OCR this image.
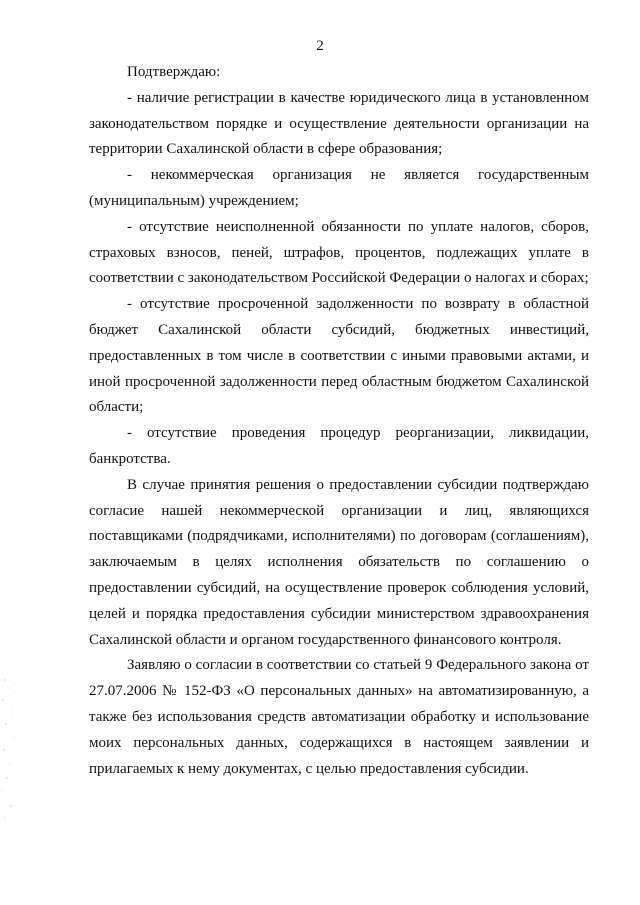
2

Подтверждаю:

- наличие регистрации в качестве юридического лица в установленном законодательством порядке и осуществление деятельности организации на территории Сахалинской области в сфере образования;

- некоммерческая организация не является государственным (муниципальным) учреждением;

- отсутствие неисполненной обязанности по уплате налогов, сборов, страховых взносов, пеней, штрафов, процентов, подлежащих уплате в соответствии с законодательством Российской Федерации о налогах и сборах;

- отсутствие просроченной задолженности по возврату в областной бюджет Сахалинской области субсидий, бюджетных инвестиций, предоставленных в том числе в соответствии с иными правовыми актами, и иной просроченной задолженности перед областным бюджетом Сахалинской области;

- отсутствие проведения процедур реорганизации, ликвидации, банкротства.

В случае принятия решения о предоставлении субсидии подтверждаю согласие нашей некоммерческой организации и лиц, являющихся поставщиками (подрядчиками, исполнителями) по договорам (соглашениям), заключаемым в целях исполнения обязательств по соглашению о предоставлении субсидий, на осуществление проверок соблюдения условий, целей и порядка предоставления субсидии министерством здравоохранения Сахалинской области и органом государственного финансового контроля.

Заявляю о согласии в соответствии со статьей 9 Федерального закона от 27.07.2006 № 152-ФЗ «О персональных данных» на автоматизированную, а также без использования средств автоматизации обработку и использование моих персональных данных, содержащихся в настоящем заявлении и прилагаемых к нему документах, с целью предоставления субсидии.
